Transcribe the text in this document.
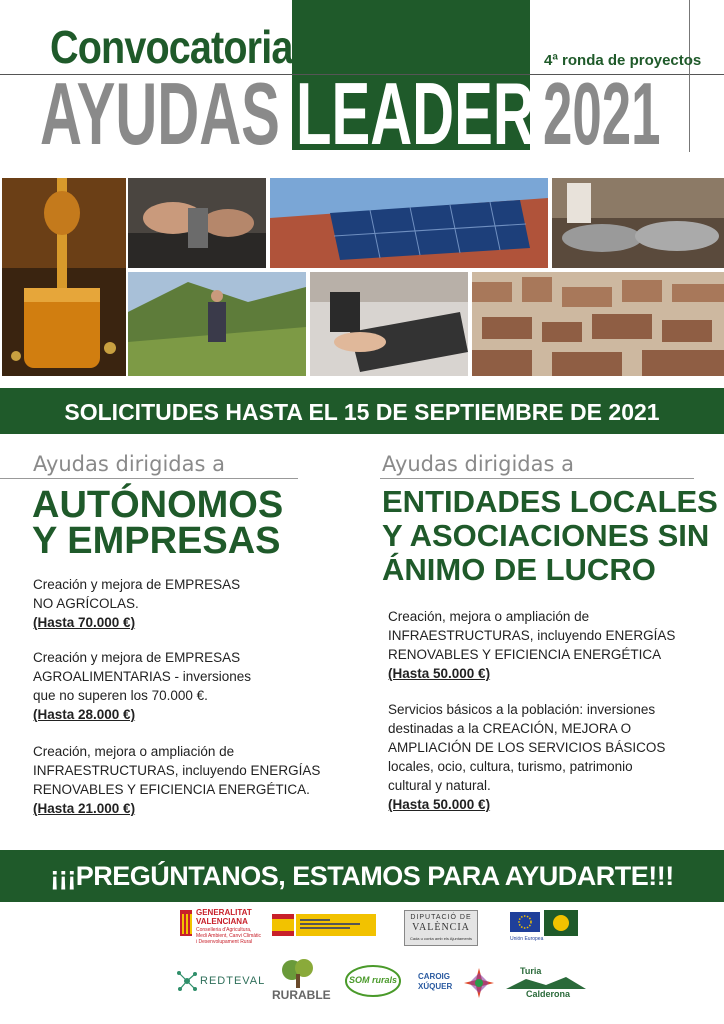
Convocatoria	4ª ronda de proyectos
AYUDAS LEADER 2021
SOLICITUDES HASTA EL 15 DE SEPTIEMBRE DE 2021
Ayudas dirigidas a
AUTÓNOMOS
Y EMPRESAS
Creación y mejora de EMPRESAS
NO AGRÍCOLAS.
(Hasta 70.000 €)
Creación y mejora de EMPRESAS
AGROALIMENTARIAS - inversiones
que no superen los 70.000 €.
(Hasta 28.000 €)
Creación, mejora o ampliación de
INFRAESTRUCTURAS, incluyendo ENERGÍAS
RENOVABLES Y EFICIENCIA ENERGÉTICA.
(Hasta 21.000 €)
Ayudas dirigidas a
ENTIDADES LOCALES
Y ASOCIACIONES SIN
ÁNIMO DE LUCRO
Creación, mejora o ampliación de
INFRAESTRUCTURAS, incluyendo ENERGÍAS
RENOVABLES Y EFICIENCIA ENERGÉTICA
(Hasta 50.000 €)
Servicios básicos a la población: inversiones
destinadas a la CREACIÓN, MEJORA O
AMPLIACIÓN DE LOS SERVICIOS BÁSICOS
locales, ocio, cultura, turismo, patrimonio
cultural y natural.
(Hasta 50.000 €)
¡¡¡PREGÚNTANOS, ESTAMOS PARA AYUDARTE!!!
GENERALITAT
VALENCIANA
Conselleria d'Agricultura,
Medi Ambient, Canvi Climàtic
i Desenvolupament Rural
DIPUTACIÓ DE
VALÈNCIA
Cada u conta amb els Ajuntaments	Unión Europea
REDTEVAL
RURABLE
SOM rurals	CAROIG
XÚQUER
Turia
Calderona
